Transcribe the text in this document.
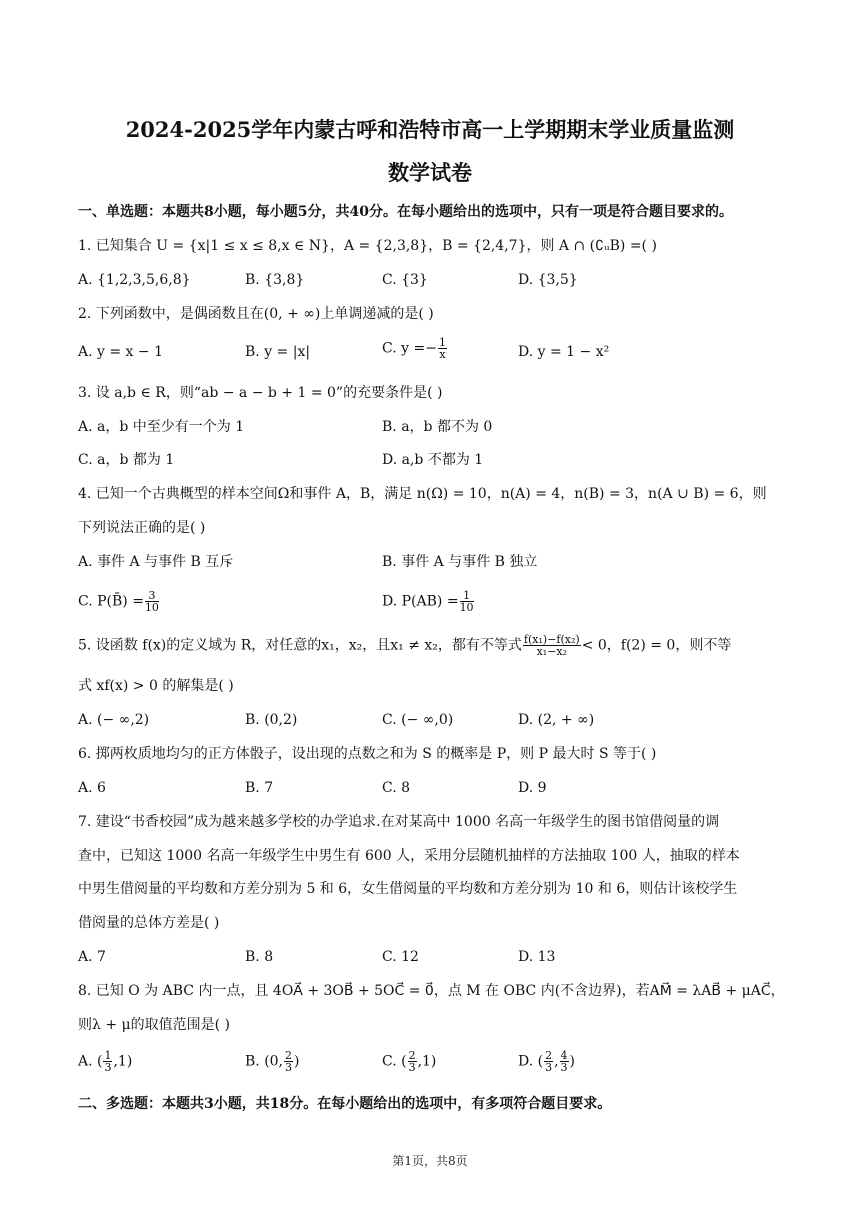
2024-2025学年内蒙古呼和浩特市高一上学期期末学业质量监测
数学试卷
一、单选题：本题共8小题，每小题5分，共40分。在每小题给出的选项中，只有一项是符合题目要求的。
1. 已知集合 U = {x|1 ≤ x ≤ 8,x ∈ N}，A = {2,3,8}，B = {2,4,7}，则 A ∩ (∁ᵤB) =( )
A. {1,2,3,5,6,8}	B. {3,8}	C. {3}	D. {3,5}
2. 下列函数中，是偶函数且在(0, + ∞)上单调递减的是( )
A. y = x − 1	B. y = |x|	C. $y =- \frac{1}{x}$	D. y = 1 − x²
3. 设 a,b ∈ R，则“ab − a − b + 1 = 0”的充要条件是( )
A. a，b 中至少有一个为 1	B. a，b 都不为 0
C. a，b 都为 1	D. a,b 不都为 1
4. 已知一个古典概型的样本空间Ω和事件 A，B，满足 n(Ω) = 10，n(A) = 4，n(B) = 3，n(A ∪ B) = 6，则
下列说法正确的是( )
A. 事件 A 与事件 B 互斥	B. 事件 A 与事件 B 独立
C. P(B̄) = $\frac{3}{10}$	D. $P(AB) = \frac{1}{10}$
5. 设函数 f(x)的定义域为 R，对任意的x₁，x₂，且x₁ ≠ x₂，都有不等式 $\frac{\text{f(x₁)−f(x₂)}}{\text{x₁−x₂}} < 0$，f(2) = 0，则不等
式 xf(x) > 0 的解集是( )
A. (− ∞,2)	B. (0,2)	C. (− ∞,0)	D. (2, + ∞)
6. 掷两枚质地均匀的正方体骰子，设出现的点数之和为 S 的概率是 P，则 P 最大时 S 等于( )
A. 6	B. 7	C. 8	D. 9
7. 建设“书香校园”成为越来越多学校的办学追求.在对某高中 1000 名高一年级学生的图书馆借阅量的调
查中，已知这 1000 名高一年级学生中男生有 600 人，采用分层随机抽样的方法抽取 100 人，抽取的样本
中男生借阅量的平均数和方差分别为 5 和 6，女生借阅量的平均数和方差分别为 10 和 6，则估计该校学生
借阅量的总体方差是( )
A. 7	B. 8	C. 12	D. 13
8. 已知 O 为 ABC 内一点，且 4OA⃗ + 3OB⃗ + 5OC⃗ = 0⃗，点 M 在 OBC 内(不含边界)，若AM⃗ = λAB⃗ + μAC⃗，
则λ + μ的取值范围是( )
A. ( $\frac{1}{3} ,1$)	B. (0, $\frac{2}{3}$ )	C. ( $\frac{2}{3} ,1$)	D. ( $\frac{2}{3}$ , $\frac{4}{3}$ )
二、多选题：本题共3小题，共18分。在每小题给出的选项中，有多项符合题目要求。
第1页，共8页
